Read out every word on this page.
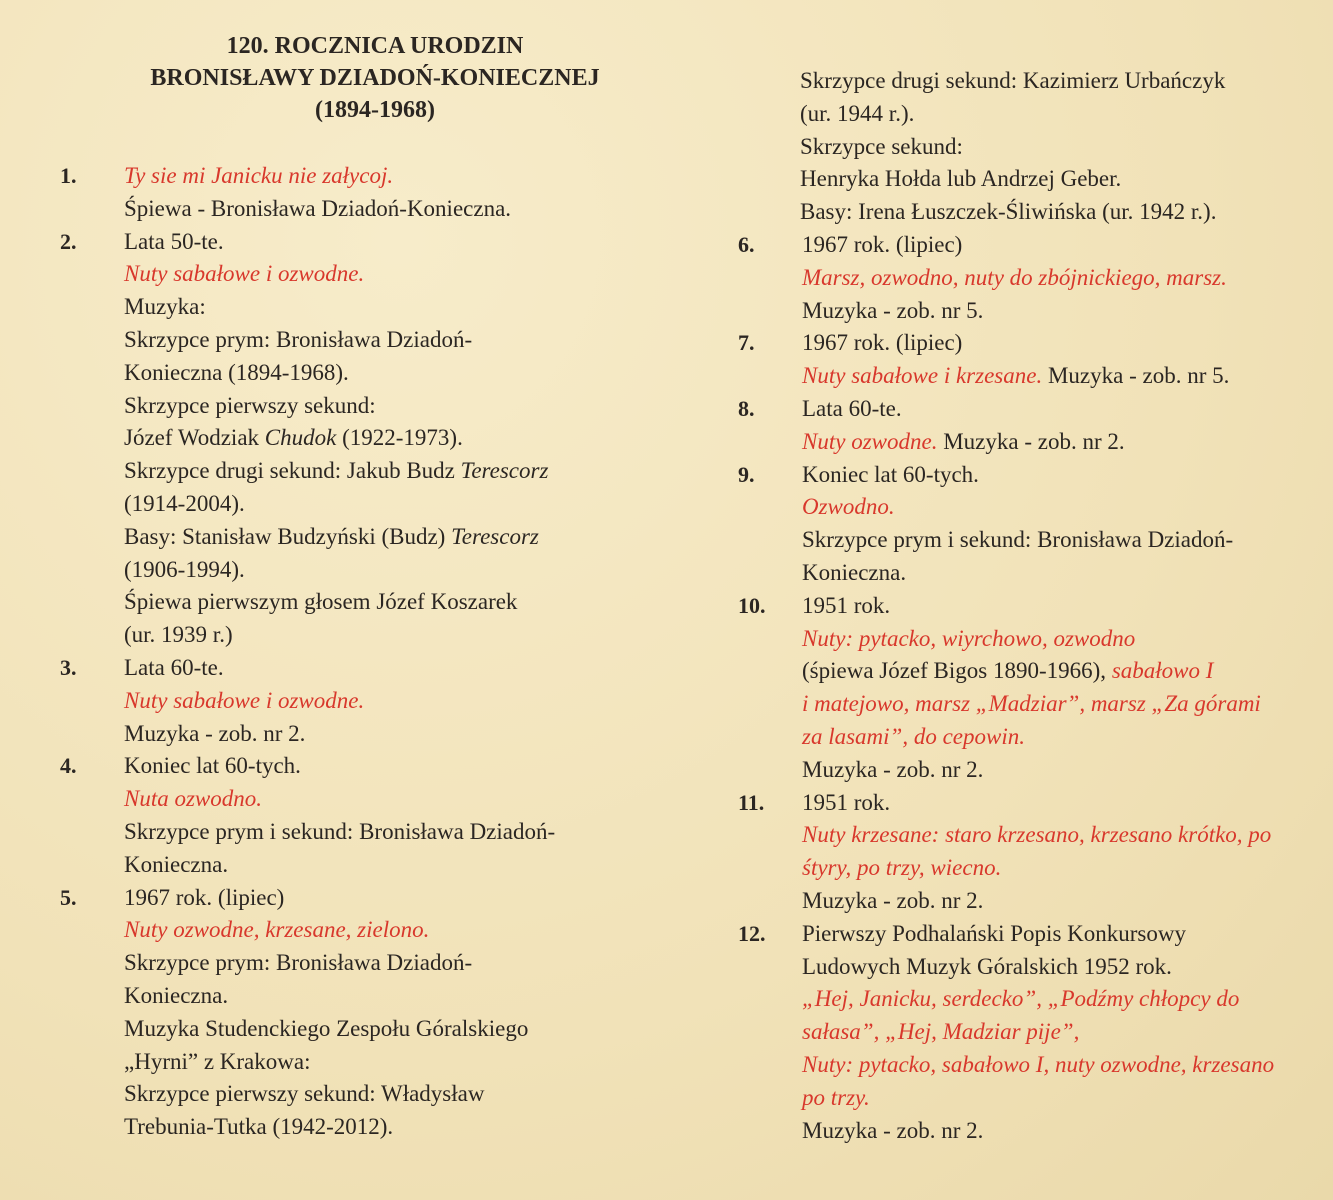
120. ROCZNICA URODZIN
BRONISŁAWY DZIADOŃ-KONIECZNEJ
(1894-1968)
1. Ty sie mi Janicku nie załycoj.
Śpiewa - Bronisława Dziadoń-Konieczna.
2. Lata 50-te.
Nuty sabałowe i ozwodne.
Muzyka:
Skrzypce prym: Bronisława Dziadoń-
Konieczna (1894-1968).
Skrzypce pierwszy sekund:
Józef Wodziak Chudok (1922-1973).
Skrzypce drugi sekund: Jakub Budz Terescorz
(1914-2004).
Basy: Stanisław Budzyński (Budz) Terescorz
(1906-1994).
Śpiewa pierwszym głosem Józef Koszarek
(ur. 1939 r.)
3. Lata 60-te.
Nuty sabałowe i ozwodne.
Muzyka - zob. nr 2.
4. Koniec lat 60-tych.
Nuta ozwodno.
Skrzypce prym i sekund: Bronisława Dziadoń-
Konieczna.
5. 1967 rok. (lipiec)
Nuty ozwodne, krzesane, zielono.
Skrzypce prym: Bronisława Dziadoń-
Konieczna.
Muzyka Studenckiego Zespołu Góralskiego
„Hyrni” z Krakowa:
Skrzypce pierwszy sekund: Władysław
Trebunia-Tutka (1942-2012).
Skrzypce drugi sekund: Kazimierz Urbańczyk
(ur. 1944 r.).
Skrzypce sekund:
Henryka Hołda lub Andrzej Geber.
Basy: Irena Łuszczek-Śliwińska (ur. 1942 r.).
6. 1967 rok. (lipiec)
Marsz, ozwodno, nuty do zbójnickiego, marsz.
Muzyka - zob. nr 5.
7. 1967 rok. (lipiec)
Nuty sabałowe i krzesane. Muzyka - zob. nr 5.
8. Lata 60-te.
Nuty ozwodne. Muzyka - zob. nr 2.
9. Koniec lat 60-tych.
Ozwodno.
Skrzypce prym i sekund: Bronisława Dziadoń-
Konieczna.
10. 1951 rok.
Nuty: pytacko, wiyrchowo, ozwodno
(śpiewa Józef Bigos 1890-1966), sabałowo I
i matejowo, marsz „Madziar”, marsz „Za górami
za lasami”, do cepowin.
Muzyka - zob. nr 2.
11. 1951 rok.
Nuty krzesane: staro krzesano, krzesano krótko, po
śtyry, po trzy, wiecno.
Muzyka - zob. nr 2.
12. Pierwszy Podhalański Popis Konkursowy
Ludowych Muzyk Góralskich 1952 rok.
„Hej, Janicku, serdecko”, „Podźmy chłopcy do
sałasa”, „Hej, Madziar pije”,
Nuty: pytacko, sabałowo I, nuty ozwodne, krzesano
po trzy.
Muzyka - zob. nr 2.
